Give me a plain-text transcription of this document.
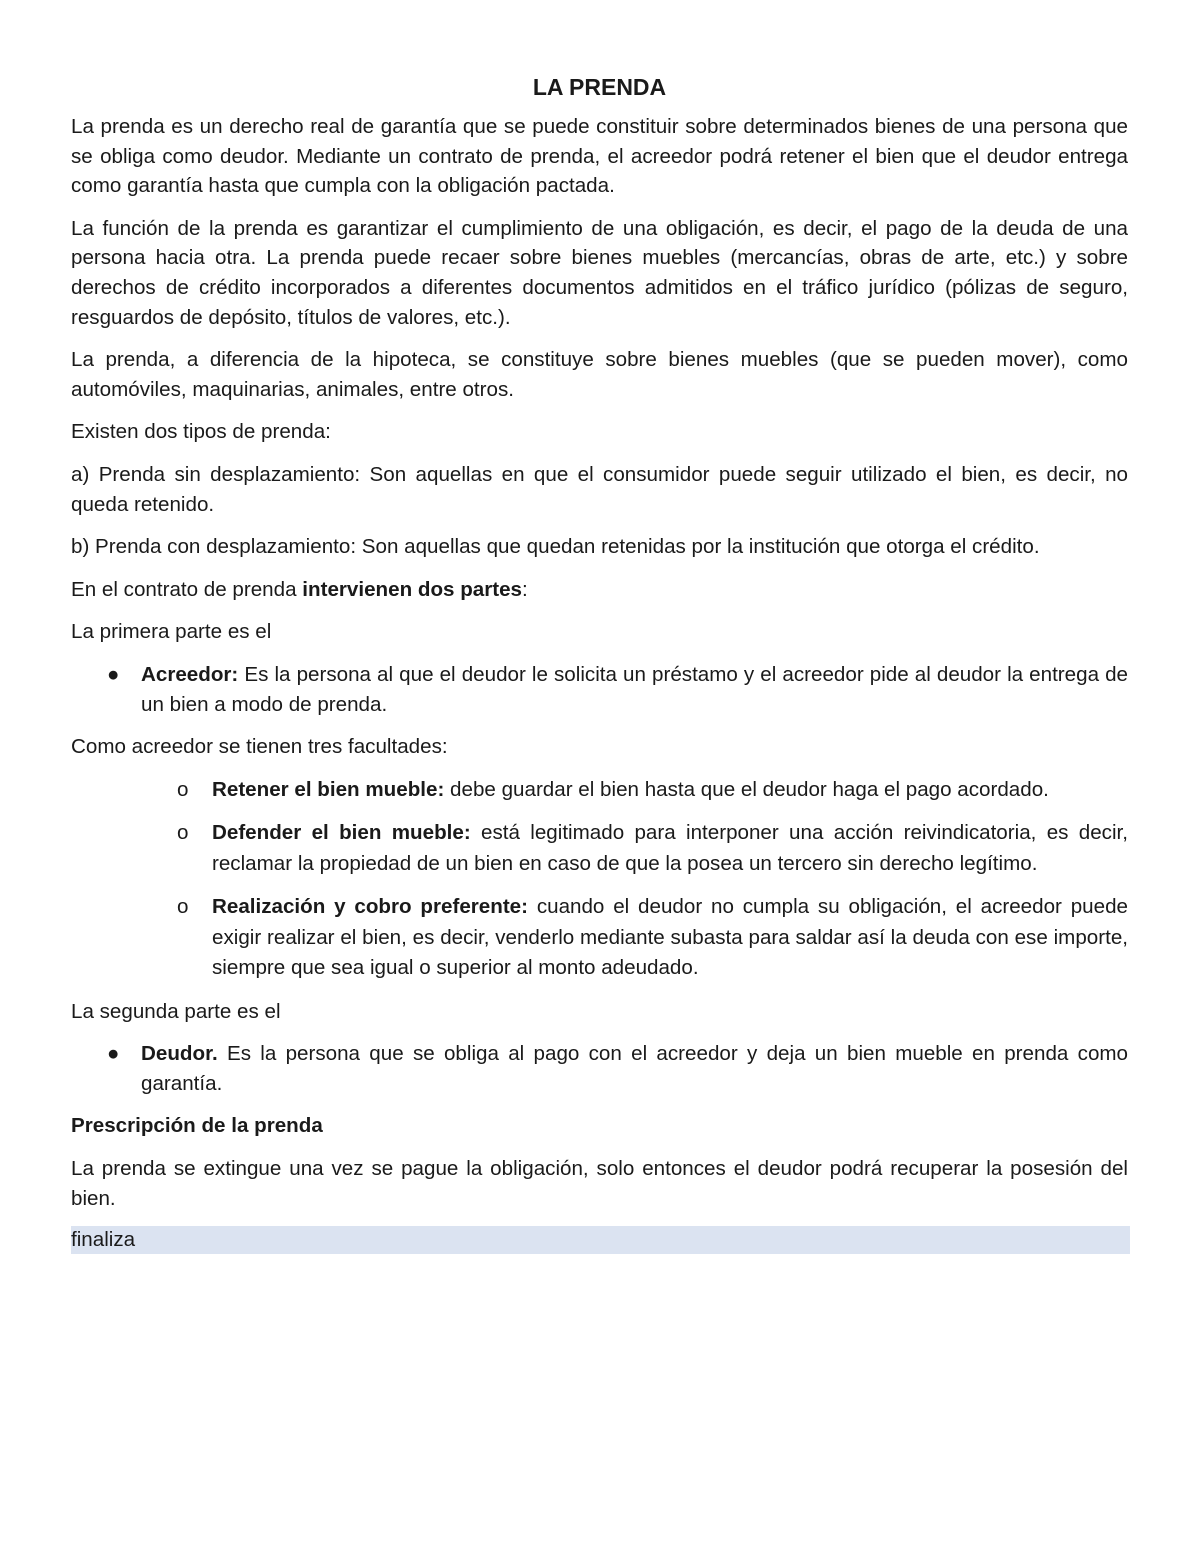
LA PRENDA

La prenda es un derecho real de garantía que se puede constituir sobre determinados bienes de una persona que se obliga como deudor. Mediante un contrato de prenda, el acreedor podrá retener el bien que el deudor entrega como garantía hasta que cumpla con la obligación pactada.

La función de la prenda es garantizar el cumplimiento de una obligación, es decir, el pago de la deuda de una persona hacia otra. La prenda puede recaer sobre bienes muebles (mercancías, obras de arte, etc.) y sobre derechos de crédito incorporados a diferentes documentos admitidos en el tráfico jurídico (pólizas de seguro, resguardos de depósito, títulos de valores, etc.).

La prenda, a diferencia de la hipoteca, se constituye sobre bienes muebles (que se pueden mover), como automóviles, maquinarias, animales, entre otros.

Existen dos tipos de prenda:

a) Prenda sin desplazamiento: Son aquellas en que el consumidor puede seguir utilizado el bien, es decir, no queda retenido.

b) Prenda con desplazamiento: Son aquellas que quedan retenidas por la institución que otorga el crédito.

En el contrato de prenda intervienen dos partes:

La primera parte es el

● Acreedor: Es la persona al que el deudor le solicita un préstamo y el acreedor pide al deudor la entrega de un bien a modo de prenda.

Como acreedor se tienen tres facultades:

o Retener el bien mueble: debe guardar el bien hasta que el deudor haga el pago acordado.
o Defender el bien mueble: está legitimado para interponer una acción reivindicatoria, es decir, reclamar la propiedad de un bien en caso de que la posea un tercero sin derecho legítimo.
o Realización y cobro preferente: cuando el deudor no cumpla su obligación, el acreedor puede exigir realizar el bien, es decir, venderlo mediante subasta para saldar así la deuda con ese importe, siempre que sea igual o superior al monto adeudado.

La segunda parte es el

● Deudor. Es la persona que se obliga al pago con el acreedor y deja un bien mueble en prenda como garantía.
Prescripción de la prenda

La prenda se extingue una vez se pague la obligación, solo entonces el deudor podrá recuperar la posesión del bien.

finaliza
